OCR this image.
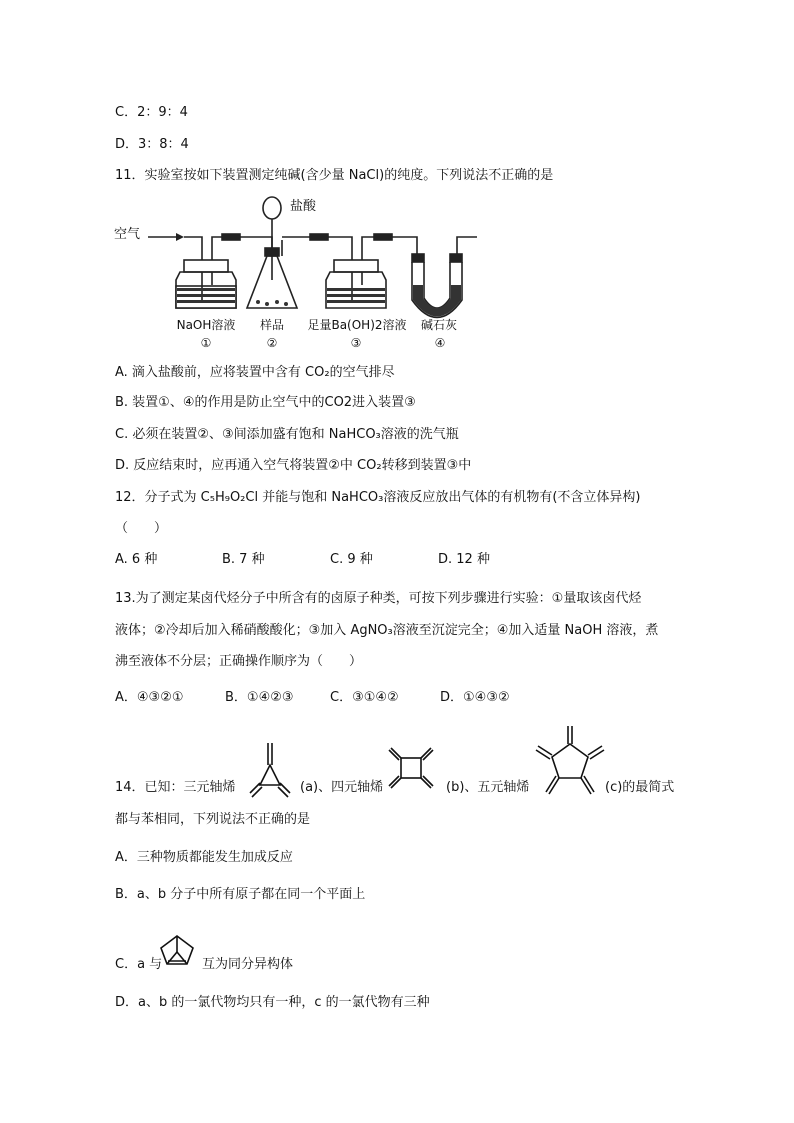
C．2：9：4
D．3：8：4
11．实验室按如下装置测定纯碱(含少量 NaCl)的纯度。下列说法不正确的是
空气
盐酸
NaOH溶液	样品	足量Ba(OH)2溶液	碱石灰
①	②	③	④
A. 滴入盐酸前，应将装置中含有 CO₂的空气排尽
B. 装置①、④的作用是防止空气中的CO2进入装置③
C. 必须在装置②、③间添加盛有饱和 NaHCO₃溶液的洗气瓶
D. 反应结束时，应再通入空气将装置②中 CO₂转移到装置③中
12．分子式为 C₅H₉O₂Cl 并能与饱和 NaHCO₃溶液反应放出气体的有机物有(不含立体异构)
（　　）
A. 6 种	B. 7 种	C. 9 种	D. 12 种
13.为了测定某卤代烃分子中所含有的卤原子种类，可按下列步骤进行实验：①量取该卤代烃
液体；②冷却后加入稀硝酸酸化；③加入 AgNO₃溶液至沉淀完全；④加入适量 NaOH 溶液，煮
沸至液体不分层；正确操作顺序为（　　）
A．④③②①	B．①④②③	C．③①④②	D．①④③②
14．已知：三元轴烯	(a)、四元轴烯	(b)、五元轴烯	(c)的最简式
都与苯相同，下列说法不正确的是
A．三种物质都能发生加成反应
B．a、b 分子中所有原子都在同一个平面上
C．a 与	互为同分异构体
D．a、b 的一氯代物均只有一种，c 的一氯代物有三种
